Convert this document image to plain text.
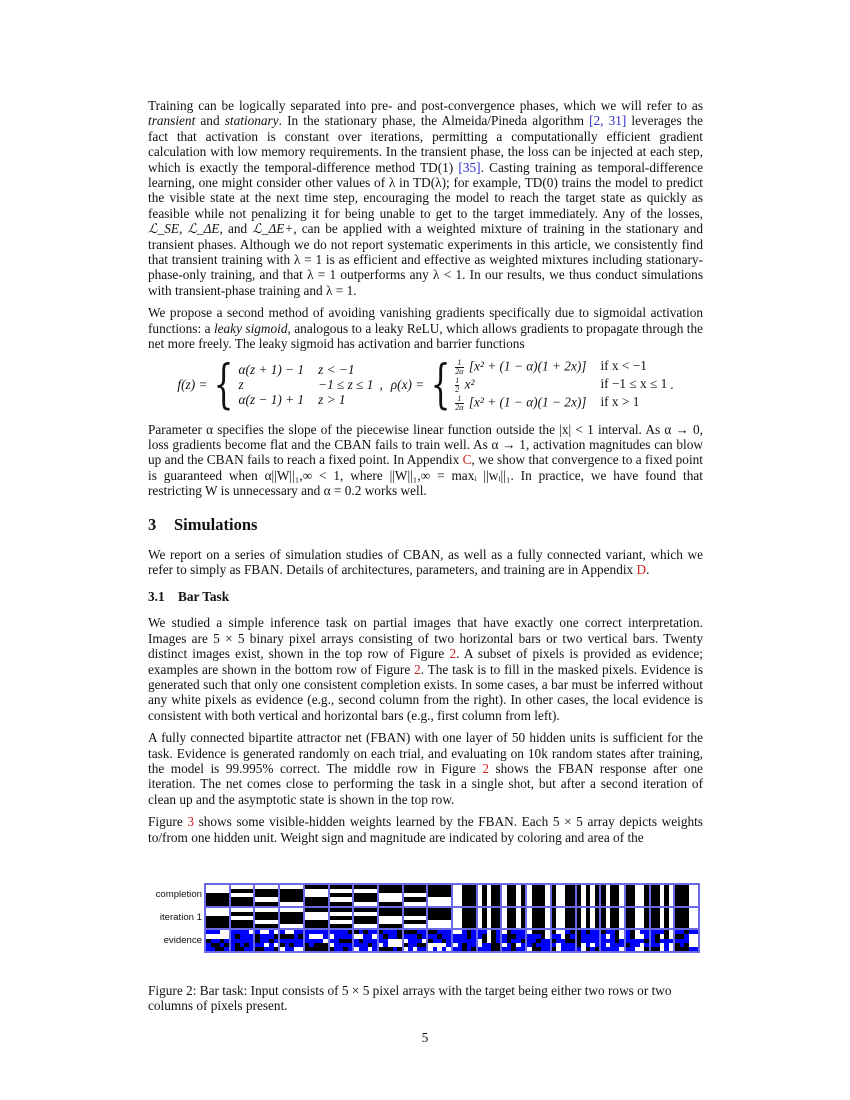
Training can be logically separated into pre- and post-convergence phases, which we will refer to as transient and stationary. In the stationary phase, the Almeida/Pineda algorithm [2, 31] leverages the fact that activation is constant over iterations, permitting a computationally efficient gradient calculation with low memory requirements. In the transient phase, the loss can be injected at each step, which is exactly the temporal-difference method TD(1) [35]. Casting training as temporal-difference learning, one might consider other values of λ in TD(λ); for example, TD(0) trains the model to predict the visible state at the next time step, encouraging the model to reach the target state as quickly as feasible while not penalizing it for being unable to get to the target immediately. Any of the losses, ℒ_SE, ℒ_ΔE, and ℒ_ΔE+, can be applied with a weighted mixture of training in the stationary and transient phases. Although we do not report systematic experiments in this article, we consistently find that transient training with λ = 1 is as efficient and effective as weighted mixtures including stationary-phase-only training, and that λ = 1 outperforms any λ < 1. In our results, we thus conduct simulations with transient-phase training and λ = 1.

We propose a second method of avoiding vanishing gradients specifically due to sigmoidal activation functions: a leaky sigmoid, analogous to a leaky ReLU, which allows gradients to propagate through the net more freely. The leaky sigmoid has activation and barrier functions

f(z) = { α(z + 1) − 1 z < −1
z	−1 ≤ z ≤ 1
α(z − 1) + 1 z > 1
, ρ(x) = { $\frac{1}{2\alpha} [x^2 + (1 - \alpha)(1 + 2x)]$ if x < −1
$\frac{1}{2} x^2$	if −1 ≤ x ≤ 1
$\frac{1}{2\alpha} [x^2 + (1 - \alpha)(1 - 2x)]$ if x > 1
.

Parameter α specifies the slope of the piecewise linear function outside the |x| < 1 interval. As α → 0, loss gradients become flat and the CBAN fails to train well. As α → 1, activation magnitudes can blow up and the CBAN fails to reach a fixed point. In Appendix C, we show that convergence to a fixed point is guaranteed when α||W||₁,∞ < 1, where ||W||₁,∞ = maxᵢ ||wᵢ||₁. In practice, we have found that restricting W is unnecessary and α = 0.2 works well.

3 Simulations

We report on a series of simulation studies of CBAN, as well as a fully connected variant, which we refer to simply as FBAN. Details of architectures, parameters, and training are in Appendix D.

3.1 Bar Task

We studied a simple inference task on partial images that have exactly one correct interpretation. Images are 5 × 5 binary pixel arrays consisting of two horizontal bars or two vertical bars. Twenty distinct images exist, shown in the top row of Figure 2. A subset of pixels is provided as evidence; examples are shown in the bottom row of Figure 2. The task is to fill in the masked pixels. Evidence is generated such that only one consistent completion exists. In some cases, a bar must be inferred without any white pixels as evidence (e.g., second column from the right). In other cases, the local evidence is consistent with both vertical and horizontal bars (e.g., first column from left).

A fully connected bipartite attractor net (FBAN) with one layer of 50 hidden units is sufficient for the task. Evidence is generated randomly on each trial, and evaluating on 10k random states after training, the model is 99.995% correct. The middle row in Figure 2 shows the FBAN response after one iteration. The net comes close to performing the task in a single shot, but after a second iteration of clean up and the asymptotic state is shown in the top row.

Figure 3 shows some visible-hidden weights learned by the FBAN. Each 5 × 5 array depicts weights to/from one hidden unit. Weight sign and magnitude are indicated by coloring and area of the

completion
iteration 1
evidence
Figure 2: Bar task: Input consists of 5 × 5 pixel arrays with the target being either two rows or two columns of pixels present.
5
